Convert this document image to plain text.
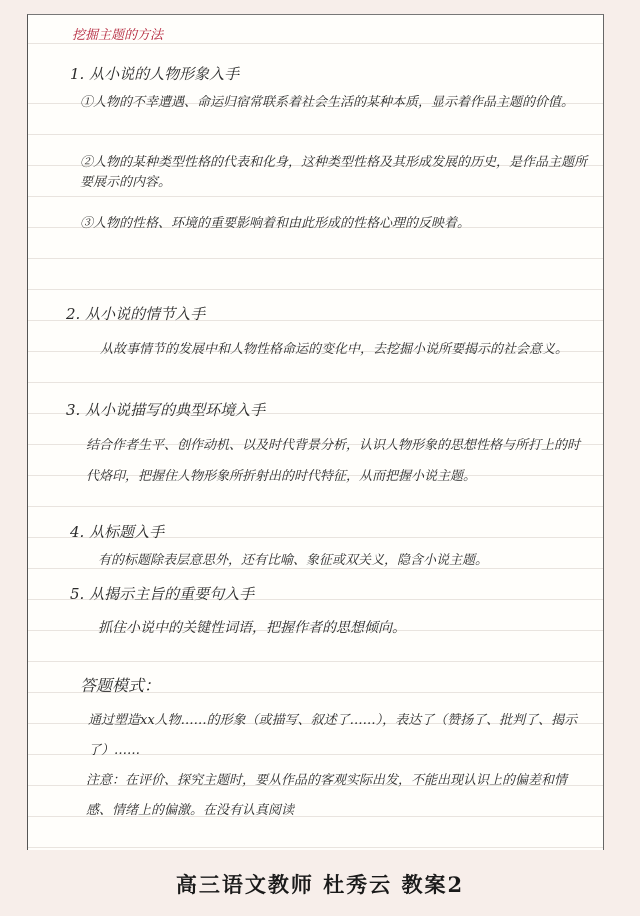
挖掘主题的方法
1. 从小说的人物形象入手
①人物的不幸遭遇、命运归宿常联系着社会生活的某种本质，显示着作品主题的价值。
②人物的某种类型性格的代表和化身，这种类型性格及其形成发展的历史，是作品主题所要展示的内容。
③人物的性格、环境的重要影响着和由此形成的性格心理的反映着。
2. 从小说的情节入手
从故事情节的发展中和人物性格命运的变化中，去挖掘小说所要揭示的社会意义。
3. 从小说描写的典型环境入手
结合作者生平、创作动机、以及时代背景分析，认识人物形象的思想性格与所打上的时代烙印，把握住人物形象所折射出的时代特征，从而把握小说主题。
4. 从标题入手
有的标题除表层意思外，还有比喻、象征或双关义，隐含小说主题。
5. 从揭示主旨的重要句入手
抓住小说中的关键性词语，把握作者的思想倾向。
答题模式：
通过塑造xx人物……的形象（或描写、叙述了……），表达了（赞扬了、批判了、揭示了）……
注意：在评价、探究主题时，要从作品的客观实际出发，不能出现认识上的偏差和情感、情绪上的偏激。在没有认真阅读
高三语文教师 杜秀云 教案2
